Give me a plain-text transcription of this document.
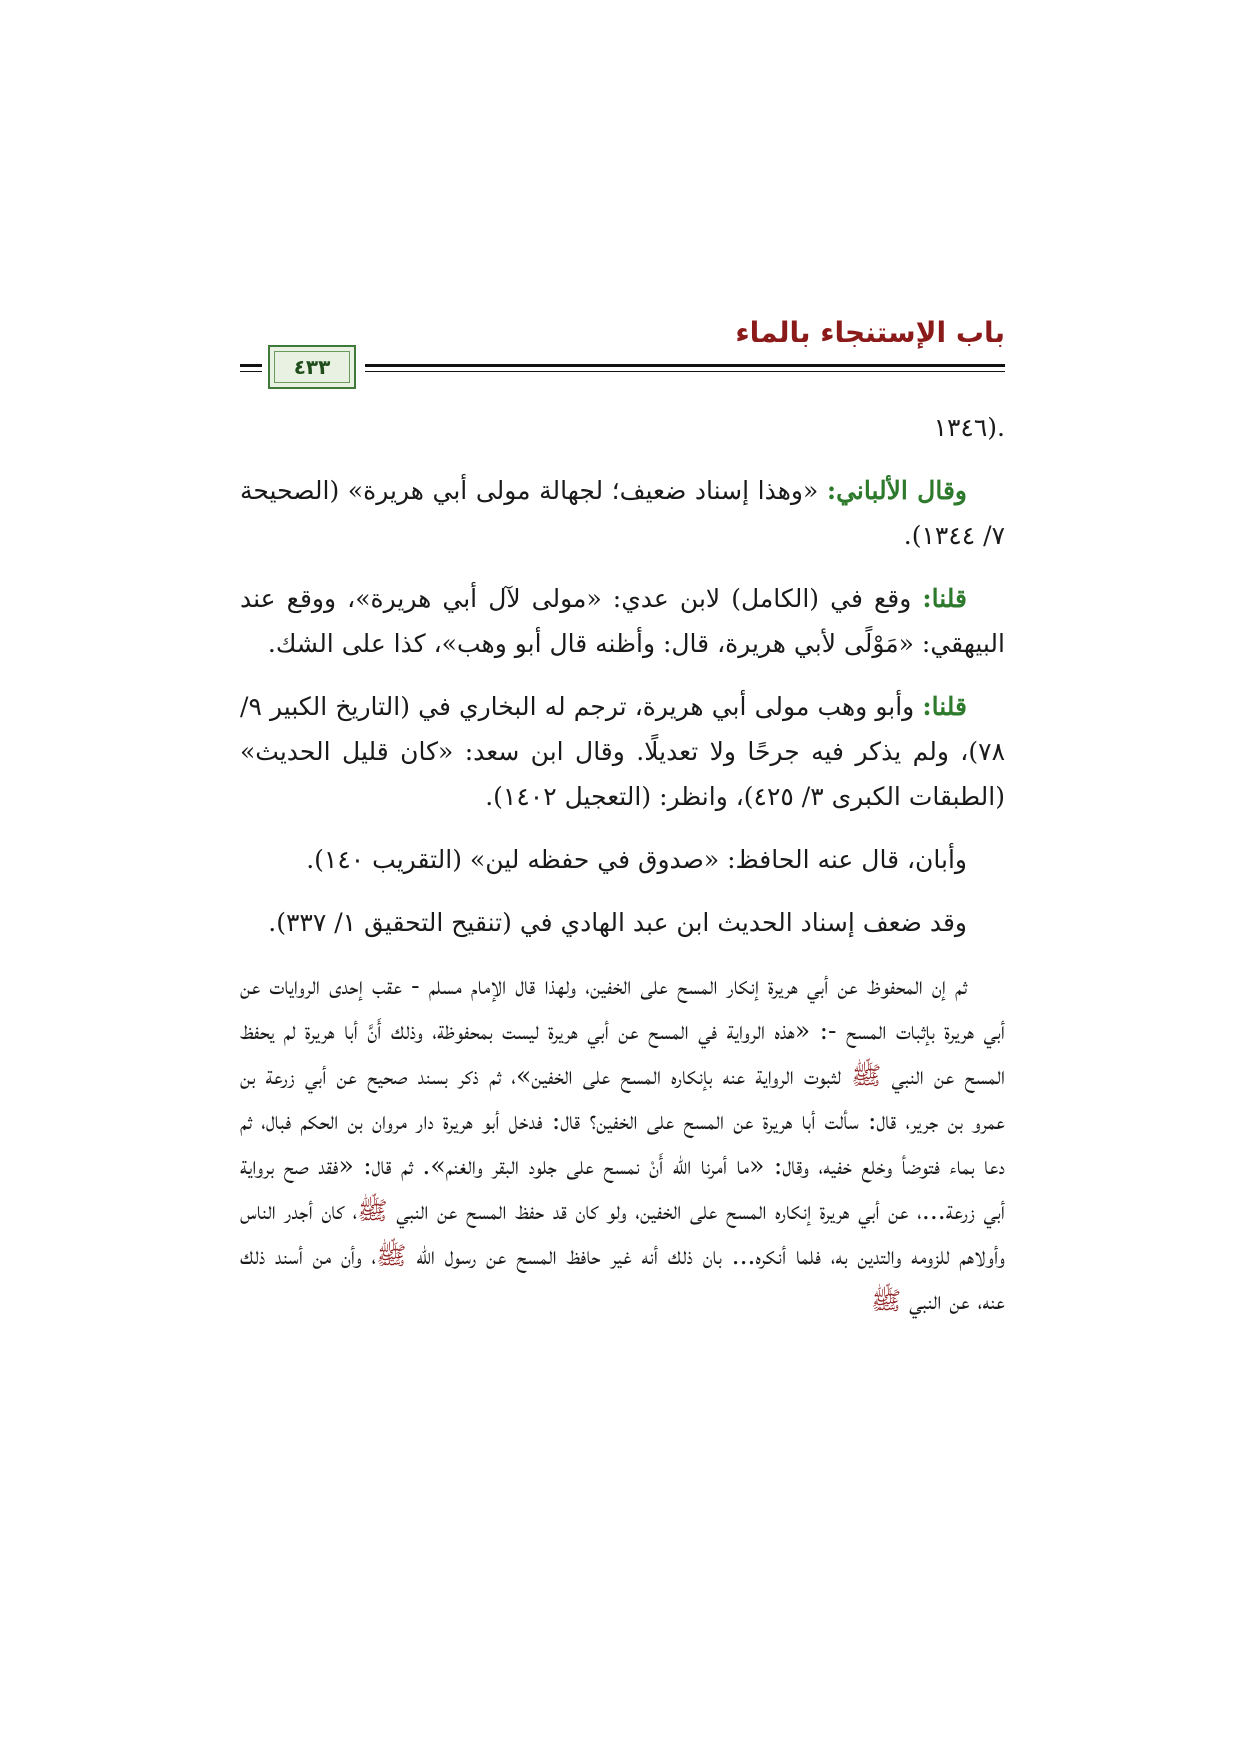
باب الإستنجاء بالماء
٤٣٣

.(١٣٤٦

وقال الألباني: «وهذا إسناد ضعيف؛ لجهالة مولى أبي هريرة» (الصحيحة ٧/ ١٣٤٤).

قلنا: وقع في (الكامل) لابن عدي: «مولى لآل أبي هريرة»، ووقع عند البيهقي: «مَوْلًى لأبي هريرة، قال: وأظنه قال أبو وهب»، كذا على الشك.

قلنا: وأبو وهب مولى أبي هريرة، ترجم له البخاري في (التاريخ الكبير ٩/ ٧٨)، ولم يذكر فيه جرحًا ولا تعديلًا. وقال ابن سعد: «كان قليل الحديث» (الطبقات الكبرى ٣/ ٤٢٥)، وانظر: (التعجيل ١٤٠٢).

وأبان، قال عنه الحافظ: «صدوق في حفظه لين» (التقريب ١٤٠).

وقد ضعف إسناد الحديث ابن عبد الهادي في (تنقيح التحقيق ١/ ٣٣٧).

ثم إن المحفوظ عن أبي هريرة إنكار المسح على الخفين، ولهذا قال الإمام مسلم - عقب إحدى الروايات عن أبي هريرة بإثبات المسح -: «هذه الرواية في المسح عن أبي هريرة ليست بمحفوظة، وذلك أَنَّ أبا هريرة لم يحفظ المسح عن النبي ﷺ لثبوت الرواية عنه بإنكاره المسح على الخفين»، ثم ذكر بسند صحيح عن أبي زرعة بن عمرو بن جرير، قال: سألت أبا هريرة عن المسح على الخفين؟ قال: فدخل أبو هريرة دار مروان بن الحكم فبال، ثم دعا بماء فتوضأ وخلع خفيه، وقال: «ما أمرنا الله أَنْ نمسح على جلود البقر والغنم». ثم قال: «فقد صح برواية أبي زرعة...، عن أبي هريرة إنكاره المسح على الخفين، ولو كان قد حفظ المسح عن النبي ﷺ، كان أجدر الناس وأولاهم للزومه والتدين به، فلما أنكره... بان ذلك أنه غير حافظ المسح عن رسول الله ﷺ، وأن من أسند ذلك عنه، عن النبي ﷺ
